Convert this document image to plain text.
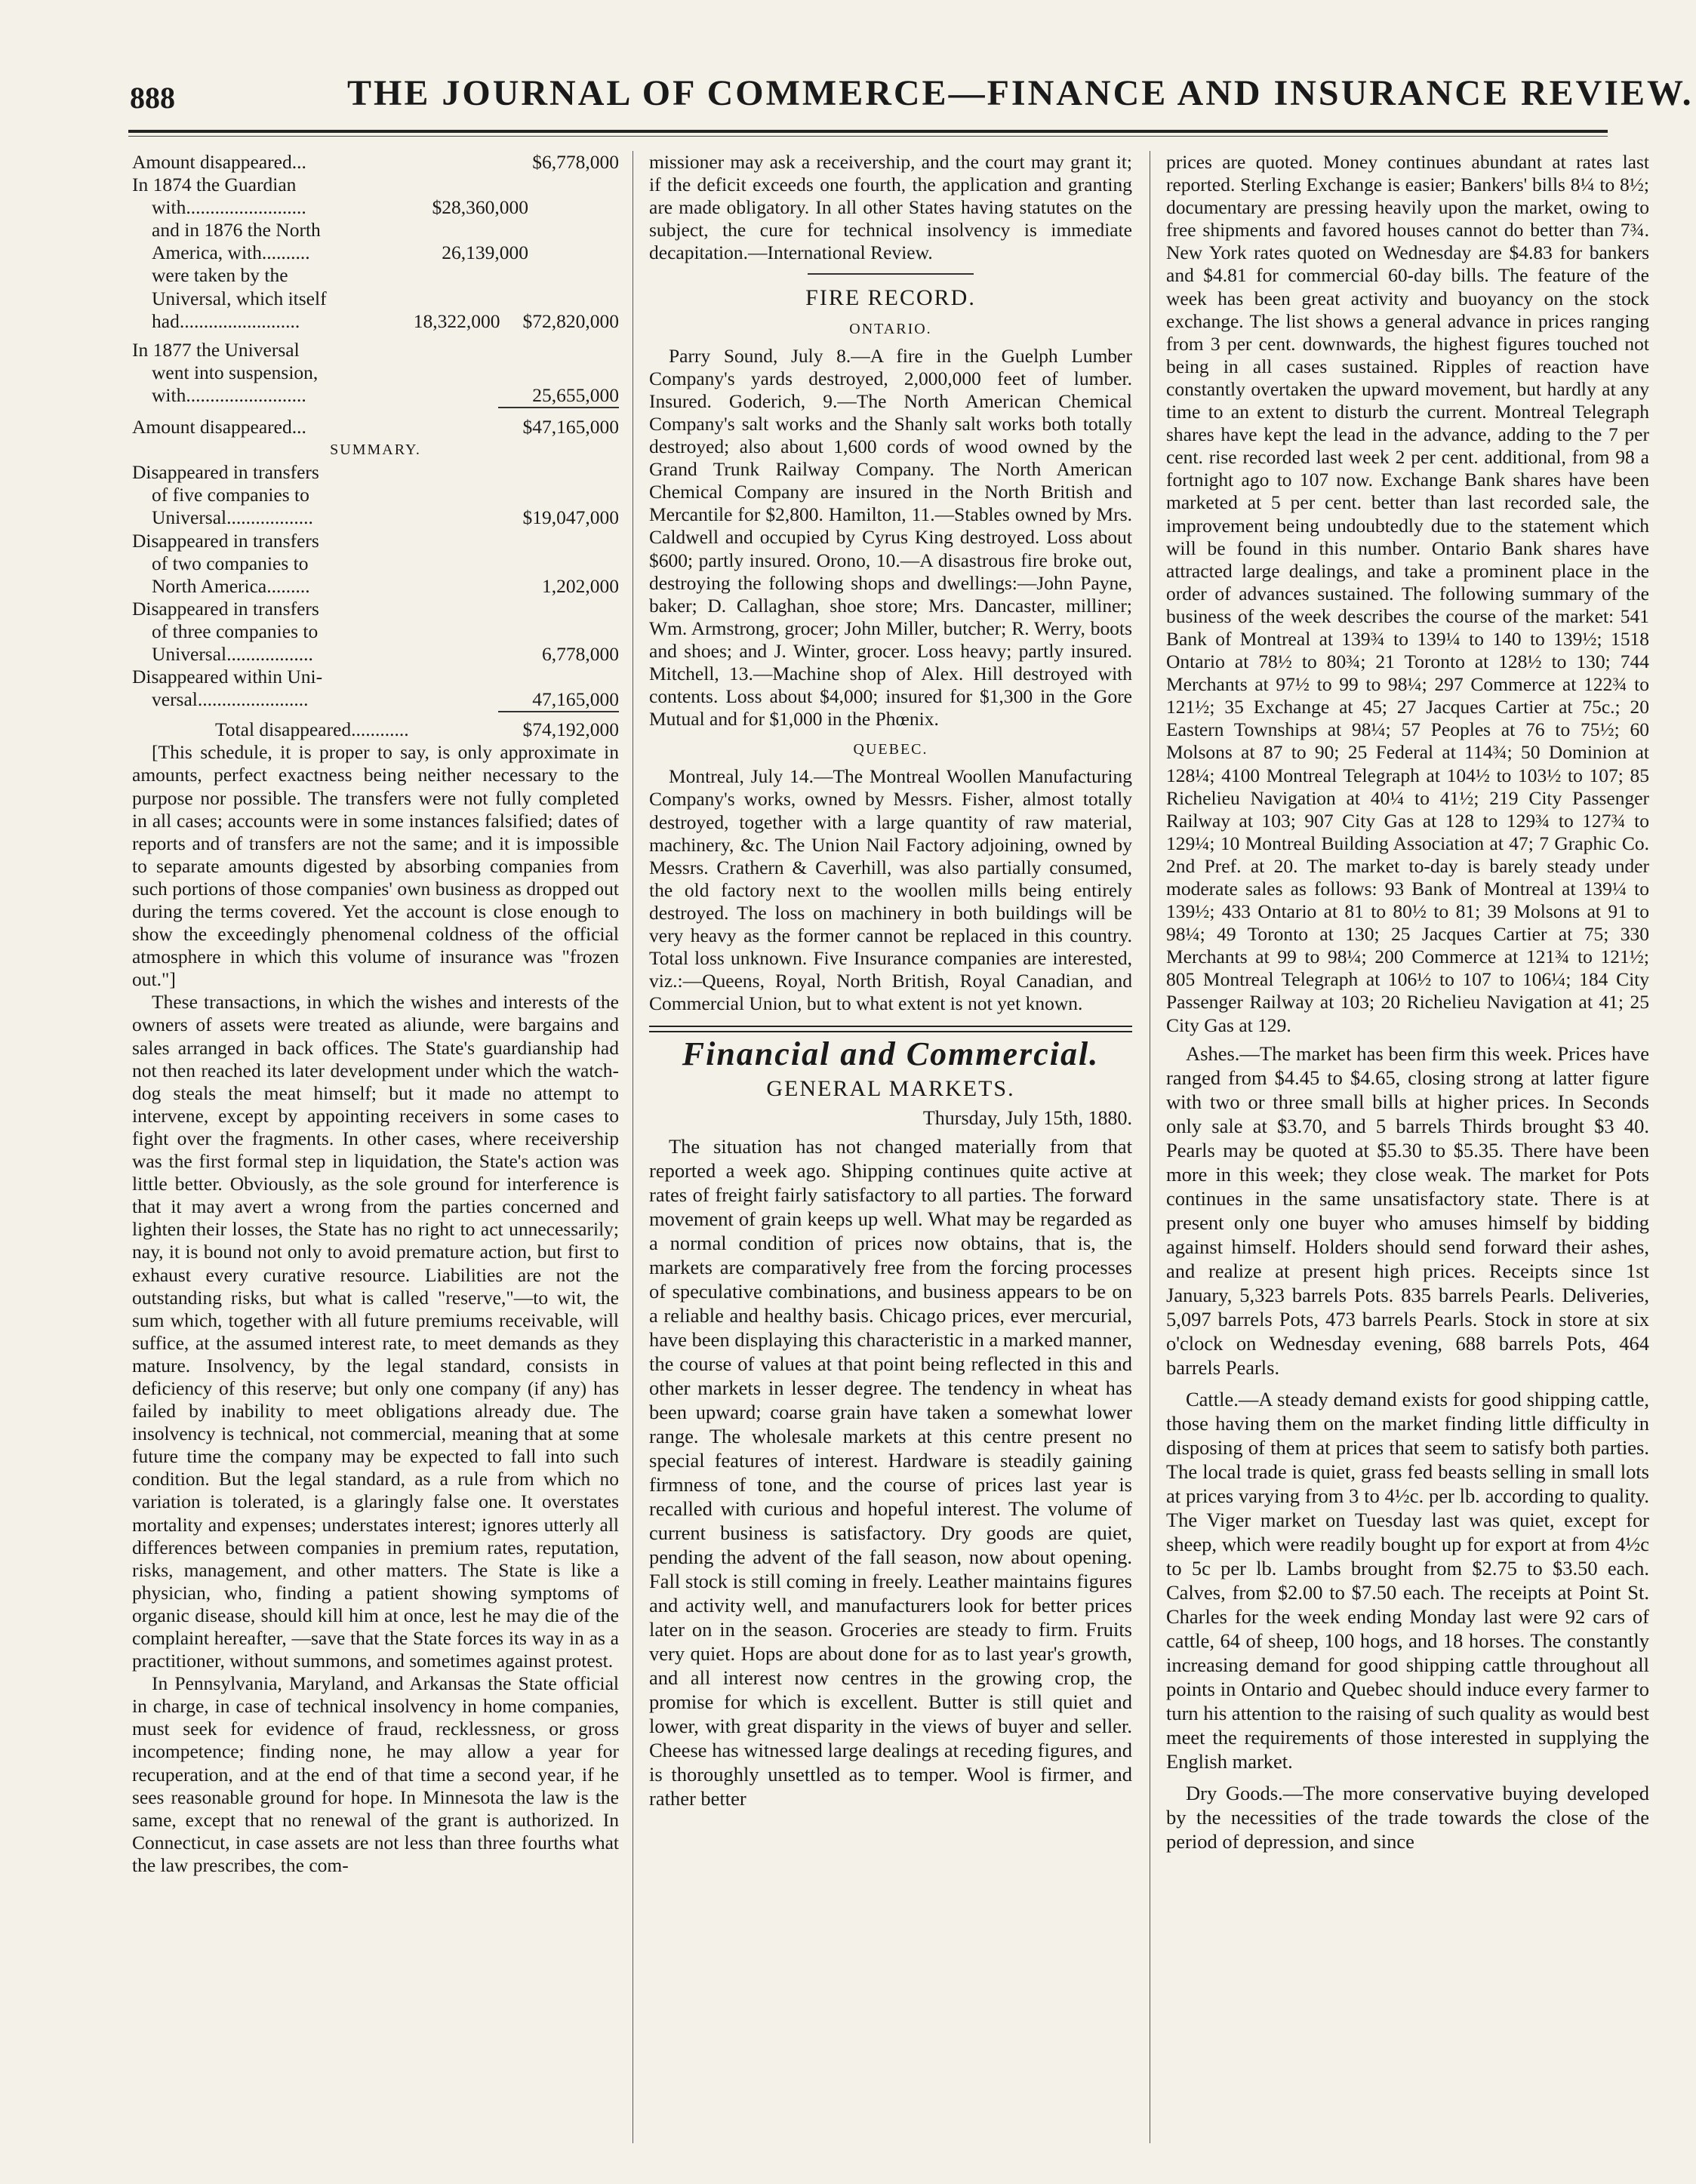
888	THE JOURNAL OF COMMERCE—FINANCE AND INSURANCE REVIEW.
Amount disappeared...	$6,778,000
In 1874 the Guardian
with.........................	$28,360,000
and in 1876 the North
America, with..........	26,139,000
were taken by the
Universal, which itself
had.........................	18,322,000	$72,820,000
In 1877 the Universal
went into suspension,
with.........................	25,655,000
Amount disappeared...	$47,165,000
SUMMARY.
Disappeared in transfers
of five companies to
Universal..................	$19,047,000
Disappeared in transfers
of two companies to
North America.........	1,202,000
Disappeared in transfers
of three companies to
Universal..................	6,778,000
Disappeared within Uni-
versal.......................	47,165,000
Total disappeared............	$74,192,000

[This schedule, it is proper to say, is only approximate in amounts, perfect exactness being neither necessary to the purpose nor possible. The transfers were not fully completed in all cases; accounts were in some instances falsified; dates of reports and of transfers are not the same; and it is impossible to separate amounts digested by absorbing companies from such portions of those companies' own business as dropped out during the terms covered. Yet the account is close enough to show the exceedingly phenomenal coldness of the official atmosphere in which this volume of insurance was "frozen out."]

These transactions, in which the wishes and interests of the owners of assets were treated as aliunde, were bargains and sales arranged in back offices. The State's guardianship had not then reached its later development under which the watch-dog steals the meat himself; but it made no attempt to intervene, except by appointing receivers in some cases to fight over the fragments. In other cases, where receivership was the first formal step in liquidation, the State's action was little better. Obviously, as the sole ground for interference is that it may avert a wrong from the parties concerned and lighten their losses, the State has no right to act unnecessarily; nay, it is bound not only to avoid premature action, but first to exhaust every curative resource. Liabilities are not the outstanding risks, but what is called "reserve,"—to wit, the sum which, together with all future premiums receivable, will suffice, at the assumed interest rate, to meet demands as they mature. Insolvency, by the legal standard, consists in deficiency of this reserve; but only one company (if any) has failed by inability to meet obligations already due. The insolvency is technical, not commercial, meaning that at some future time the company may be expected to fall into such condition. But the legal standard, as a rule from which no variation is tolerated, is a glaringly false one. It overstates mortality and expenses; understates interest; ignores utterly all differences between companies in premium rates, reputation, risks, management, and other matters. The State is like a physician, who, finding a patient showing symptoms of organic disease, should kill him at once, lest he may die of the complaint hereafter, —save that the State forces its way in as a practitioner, without summons, and sometimes against protest.

In Pennsylvania, Maryland, and Arkansas the State official in charge, in case of technical insolvency in home companies, must seek for evidence of fraud, recklessness, or gross incompetence; finding none, he may allow a year for recuperation, and at the end of that time a second year, if he sees reasonable ground for hope. In Minnesota the law is the same, except that no renewal of the grant is authorized. In Connecticut, in case assets are not less than three fourths what the law prescribes, the com-

missioner may ask a receivership, and the court may grant it; if the deficit exceeds one fourth, the application and granting are made obligatory. In all other States having statutes on the subject, the cure for technical insolvency is immediate decapitation.—International Review.

FIRE RECORD.
ONTARIO.

Parry Sound, July 8.—A fire in the Guelph Lumber Company's yards destroyed, 2,000,000 feet of lumber. Insured. Goderich, 9.—The North American Chemical Company's salt works and the Shanly salt works both totally destroyed; also about 1,600 cords of wood owned by the Grand Trunk Railway Company. The North American Chemical Company are insured in the North British and Mercantile for $2,800. Hamilton, 11.—Stables owned by Mrs. Caldwell and occupied by Cyrus King destroyed. Loss about $600; partly insured. Orono, 10.—A disastrous fire broke out, destroying the following shops and dwellings:—John Payne, baker; D. Callaghan, shoe store; Mrs. Dancaster, milliner; Wm. Armstrong, grocer; John Miller, butcher; R. Werry, boots and shoes; and J. Winter, grocer. Loss heavy; partly insured. Mitchell, 13.—Machine shop of Alex. Hill destroyed with contents. Loss about $4,000; insured for $1,300 in the Gore Mutual and for $1,000 in the Phœnix.

QUEBEC.

Montreal, July 14.—The Montreal Woollen Manufacturing Company's works, owned by Messrs. Fisher, almost totally destroyed, together with a large quantity of raw material, machinery, &c. The Union Nail Factory adjoining, owned by Messrs. Crathern & Caverhill, was also partially consumed, the old factory next to the woollen mills being entirely destroyed. The loss on machinery in both buildings will be very heavy as the former cannot be replaced in this country. Total loss unknown. Five Insurance companies are interested, viz.:—Queens, Royal, North British, Royal Canadian, and Commercial Union, but to what extent is not yet known.

Financial and Commercial.
GENERAL MARKETS.
Thursday, July 15th, 1880.

The situation has not changed materially from that reported a week ago. Shipping continues quite active at rates of freight fairly satisfactory to all parties. The forward movement of grain keeps up well. What may be regarded as a normal condition of prices now obtains, that is, the markets are comparatively free from the forcing processes of speculative combinations, and business appears to be on a reliable and healthy basis. Chicago prices, ever mercurial, have been displaying this characteristic in a marked manner, the course of values at that point being reflected in this and other markets in lesser degree. The tendency in wheat has been upward; coarse grain have taken a somewhat lower range. The wholesale markets at this centre present no special features of interest. Hardware is steadily gaining firmness of tone, and the course of prices last year is recalled with curious and hopeful interest. The volume of current business is satisfactory. Dry goods are quiet, pending the advent of the fall season, now about opening. Fall stock is still coming in freely. Leather maintains figures and activity well, and manufacturers look for better prices later on in the season. Groceries are steady to firm. Fruits very quiet. Hops are about done for as to last year's growth, and all interest now centres in the growing crop, the promise for which is excellent. Butter is still quiet and lower, with great disparity in the views of buyer and seller. Cheese has witnessed large dealings at receding figures, and is thoroughly unsettled as to temper. Wool is firmer, and rather better

prices are quoted. Money continues abundant at rates last reported. Sterling Exchange is easier; Bankers' bills 8¼ to 8½; documentary are pressing heavily upon the market, owing to free shipments and favored houses cannot do better than 7¾. New York rates quoted on Wednesday are $4.83 for bankers and $4.81 for commercial 60-day bills. The feature of the week has been great activity and buoyancy on the stock exchange. The list shows a general advance in prices ranging from 3 per cent. downwards, the highest figures touched not being in all cases sustained. Ripples of reaction have constantly overtaken the upward movement, but hardly at any time to an extent to disturb the current. Montreal Telegraph shares have kept the lead in the advance, adding to the 7 per cent. rise recorded last week 2 per cent. additional, from 98 a fortnight ago to 107 now. Exchange Bank shares have been marketed at 5 per cent. better than last recorded sale, the improvement being undoubtedly due to the statement which will be found in this number. Ontario Bank shares have attracted large dealings, and take a prominent place in the order of advances sustained. The following summary of the business of the week describes the course of the market: 541 Bank of Montreal at 139¾ to 139¼ to 140 to 139½; 1518 Ontario at 78½ to 80¾; 21 Toronto at 128½ to 130; 744 Merchants at 97½ to 99 to 98¼; 297 Commerce at 122¾ to 121½; 35 Exchange at 45; 27 Jacques Cartier at 75c.; 20 Eastern Townships at 98¼; 57 Peoples at 76 to 75½; 60 Molsons at 87 to 90; 25 Federal at 114¾; 50 Dominion at 128¼; 4100 Montreal Telegraph at 104½ to 103½ to 107; 85 Richelieu Navigation at 40¼ to 41½; 219 City Passenger Railway at 103; 907 City Gas at 128 to 129¾ to 127¾ to 129¼; 10 Montreal Building Association at 47; 7 Graphic Co. 2nd Pref. at 20. The market to-day is barely steady under moderate sales as follows: 93 Bank of Montreal at 139¼ to 139½; 433 Ontario at 81 to 80½ to 81; 39 Molsons at 91 to 98¼; 49 Toronto at 130; 25 Jacques Cartier at 75; 330 Merchants at 99 to 98¼; 200 Commerce at 121¾ to 121½; 805 Montreal Telegraph at 106½ to 107 to 106¼; 184 City Passenger Railway at 103; 20 Richelieu Navigation at 41; 25 City Gas at 129.

Ashes.—The market has been firm this week. Prices have ranged from $4.45 to $4.65, closing strong at latter figure with two or three small bills at higher prices. In Seconds only sale at $3.70, and 5 barrels Thirds brought $3 40. Pearls may be quoted at $5.30 to $5.35. There have been more in this week; they close weak. The market for Pots continues in the same unsatisfactory state. There is at present only one buyer who amuses himself by bidding against himself. Holders should send forward their ashes, and realize at present high prices. Receipts since 1st January, 5,323 barrels Pots. 835 barrels Pearls. Deliveries, 5,097 barrels Pots, 473 barrels Pearls. Stock in store at six o'clock on Wednesday evening, 688 barrels Pots, 464 barrels Pearls.

Cattle.—A steady demand exists for good shipping cattle, those having them on the market finding little difficulty in disposing of them at prices that seem to satisfy both parties. The local trade is quiet, grass fed beasts selling in small lots at prices varying from 3 to 4½c. per lb. according to quality. The Viger market on Tuesday last was quiet, except for sheep, which were readily bought up for export at from 4½c to 5c per lb. Lambs brought from $2.75 to $3.50 each. Calves, from $2.00 to $7.50 each. The receipts at Point St. Charles for the week ending Monday last were 92 cars of cattle, 64 of sheep, 100 hogs, and 18 horses. The constantly increasing demand for good shipping cattle throughout all points in Ontario and Quebec should induce every farmer to turn his attention to the raising of such quality as would best meet the requirements of those interested in supplying the English market.

Dry Goods.—The more conservative buying developed by the necessities of the trade towards the close of the period of depression, and since
